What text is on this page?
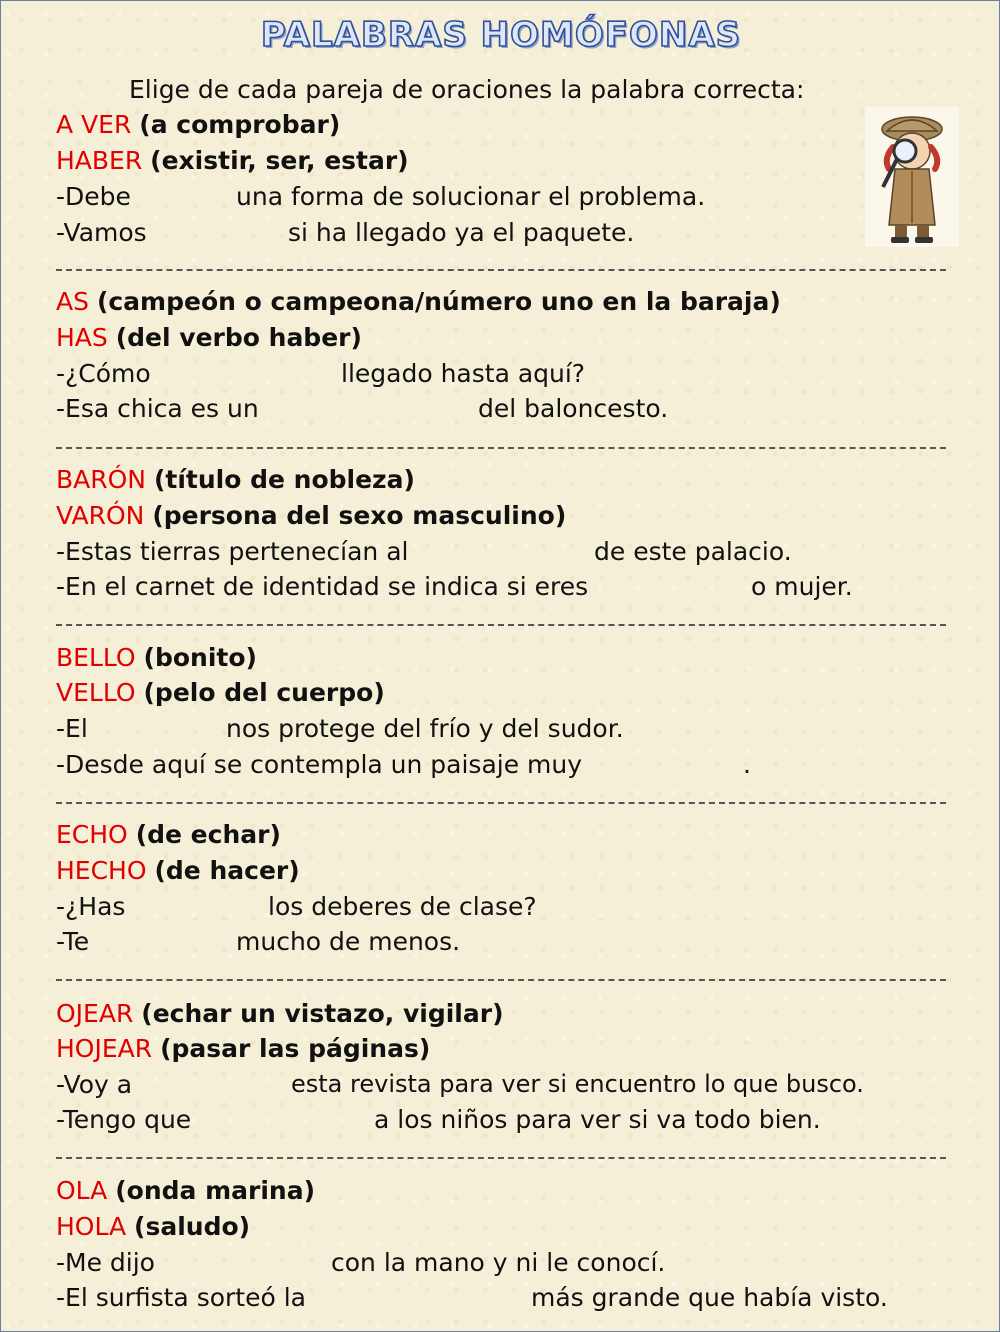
PALABRAS HOMÓFONAS
Elige de cada pareja de oraciones la palabra correcta:
A VER (a comprobar)
HABER (existir, ser, estar)
-Debe	una forma de solucionar el problema.
-Vamos	si ha llegado ya el paquete.
AS (campeón o campeona/número uno en la baraja)
HAS (del verbo haber)
-¿Cómo	llegado hasta aquí?
-Esa chica es un	del baloncesto.
BARÓN (título de nobleza)
VARÓN (persona del sexo masculino)
-Estas tierras pertenecían al	de este palacio.
-En el carnet de identidad se indica si eres	o mujer.
BELLO (bonito)
VELLO (pelo del cuerpo)
-El	nos protege del frío y del sudor.
-Desde aquí se contempla un paisaje muy	.
ECHO (de echar)
HECHO (de hacer)
-¿Has	los deberes de clase?
-Te	mucho de menos.
OJEAR (echar un vistazo, vigilar)
HOJEAR (pasar las páginas)
-Voy a	esta revista para ver si encuentro lo que busco.
-Tengo que	a los niños para ver si va todo bien.
OLA (onda marina)
HOLA (saludo)
-Me dijo	con la mano y ni le conocí.
-El surfista sorteó la	más grande que había visto.
